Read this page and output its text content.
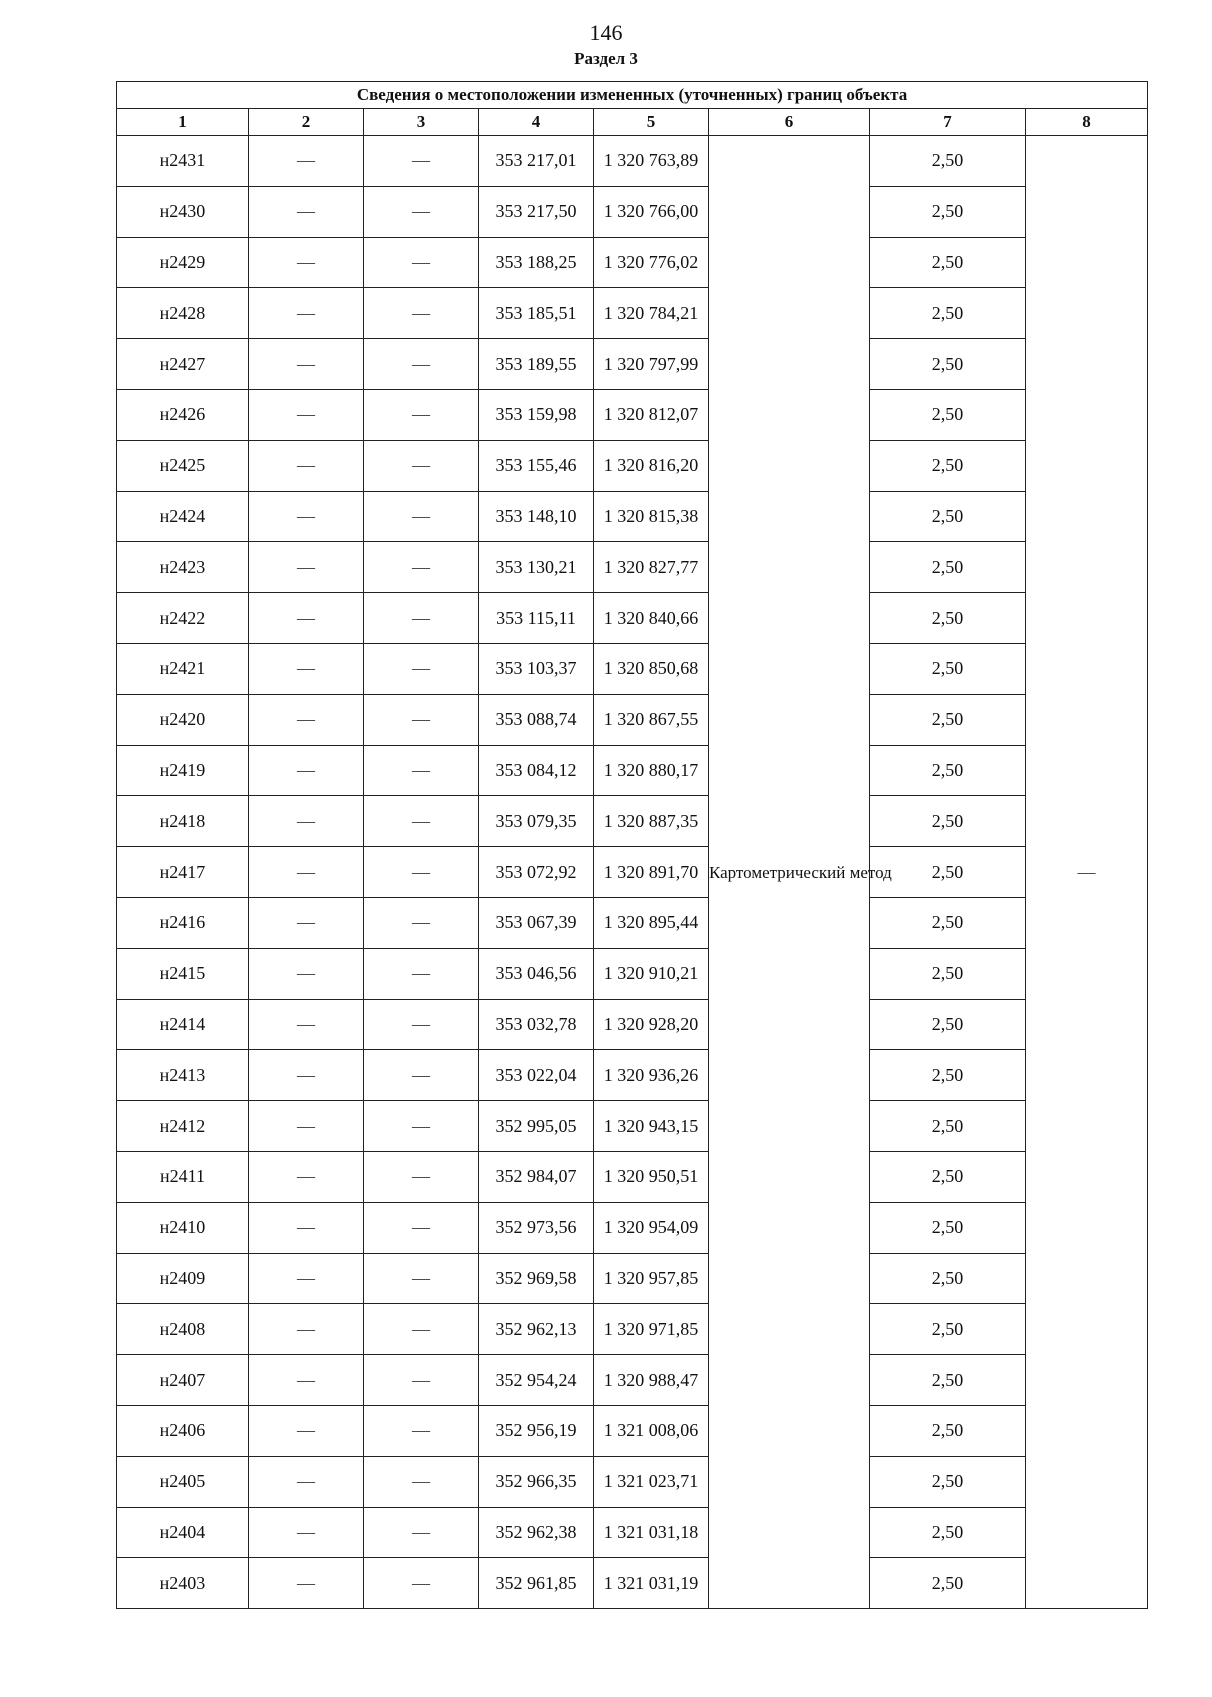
146
Раздел 3
Сведения о местоположении измененных (уточненных) границ объекта							
1	2	3	4	5	6	7	8
н2431	—	—	353 217,01	1 320 763,89	Картометрический метод	2,50	—
н2430	—	—	353 217,50	1 320 766,00		2,50	
н2429	—	—	353 188,25	1 320 776,02		2,50	
н2428	—	—	353 185,51	1 320 784,21		2,50	
н2427	—	—	353 189,55	1 320 797,99		2,50	
н2426	—	—	353 159,98	1 320 812,07		2,50	
н2425	—	—	353 155,46	1 320 816,20		2,50	
н2424	—	—	353 148,10	1 320 815,38		2,50	
н2423	—	—	353 130,21	1 320 827,77		2,50	
н2422	—	—	353 115,11	1 320 840,66		2,50	
н2421	—	—	353 103,37	1 320 850,68		2,50	
н2420	—	—	353 088,74	1 320 867,55		2,50	
н2419	—	—	353 084,12	1 320 880,17		2,50	
н2418	—	—	353 079,35	1 320 887,35		2,50	
н2417	—	—	353 072,92	1 320 891,70		2,50	
н2416	—	—	353 067,39	1 320 895,44		2,50	
н2415	—	—	353 046,56	1 320 910,21		2,50	
н2414	—	—	353 032,78	1 320 928,20		2,50	
н2413	—	—	353 022,04	1 320 936,26		2,50	
н2412	—	—	352 995,05	1 320 943,15		2,50	
н2411	—	—	352 984,07	1 320 950,51		2,50	
н2410	—	—	352 973,56	1 320 954,09		2,50	
н2409	—	—	352 969,58	1 320 957,85		2,50	
н2408	—	—	352 962,13	1 320 971,85		2,50	
н2407	—	—	352 954,24	1 320 988,47		2,50	
н2406	—	—	352 956,19	1 321 008,06		2,50	
н2405	—	—	352 966,35	1 321 023,71		2,50	
н2404	—	—	352 962,38	1 321 031,18		2,50	
н2403	—	—	352 961,85	1 321 031,19		2,50	
